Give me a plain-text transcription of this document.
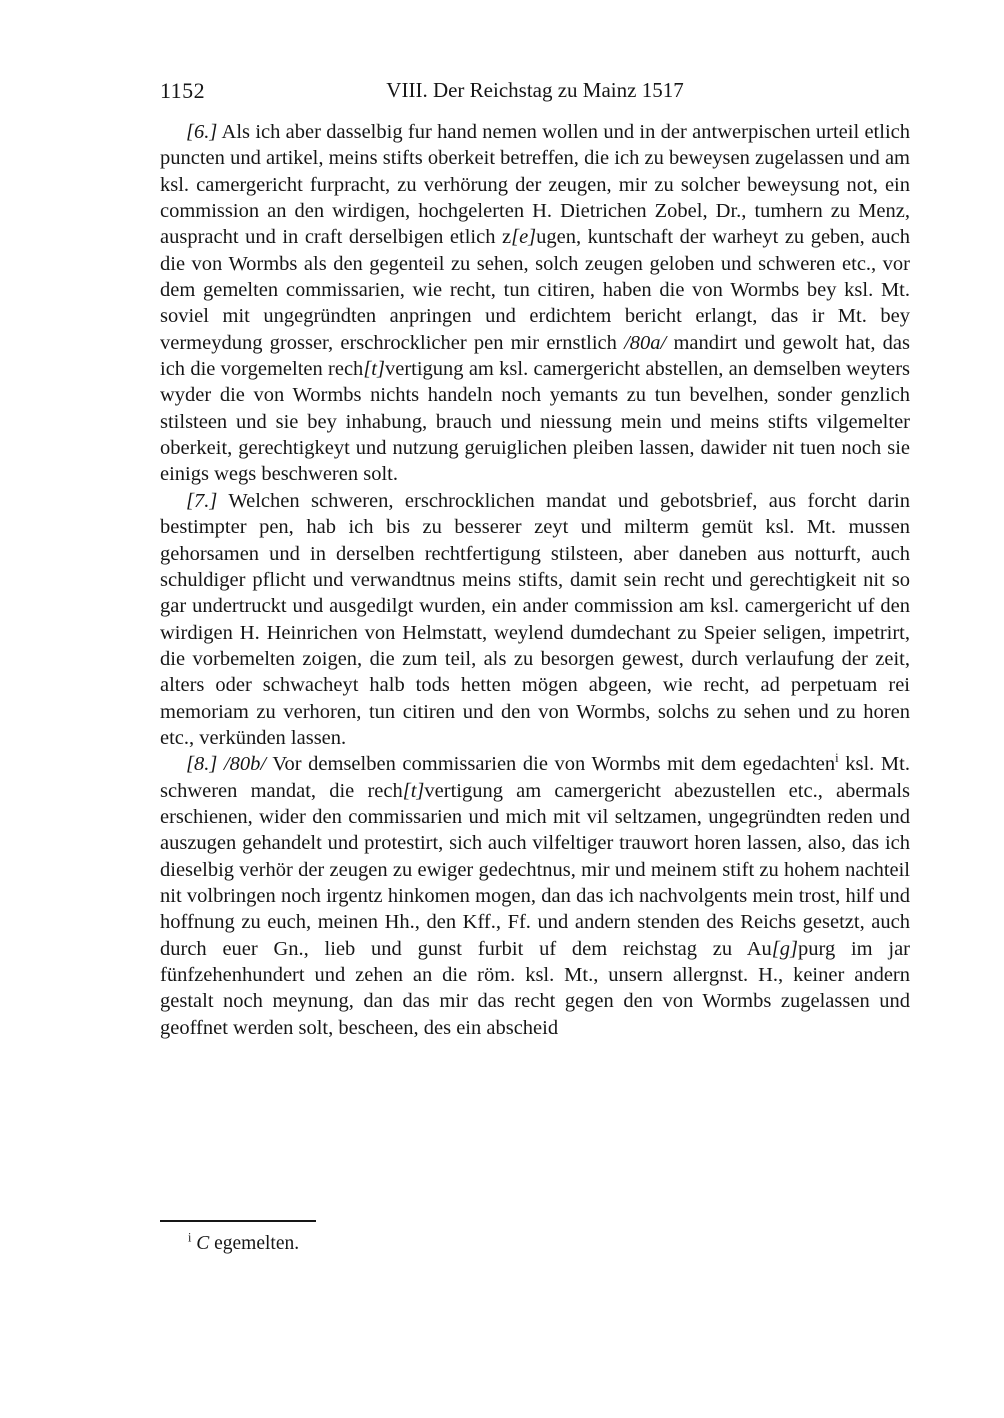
1152	VIII. Der Reichstag zu Mainz 1517

[6.] Als ich aber dasselbig fur hand nemen wollen und in der antwerpischen urteil etlich puncten und artikel, meins stifts oberkeit betreffen, die ich zu beweysen zugelassen und am ksl. camergericht furpracht, zu verhörung der zeugen, mir zu solcher beweysung not, ein commission an den wirdigen, hochgelerten H. Dietrichen Zobel, Dr., tumhern zu Menz, auspracht und in craft derselbigen etlich z[e]ugen, kuntschaft der warheyt zu geben, auch die von Wormbs als den gegenteil zu sehen, solch zeugen geloben und schweren etc., vor dem gemelten commissarien, wie recht, tun citiren, haben die von Wormbs bey ksl. Mt. soviel mit ungegründten anpringen und erdichtem bericht erlangt, das ir Mt. bey vermeydung grosser, erschrocklicher pen mir ernstlich /80a/ mandirt und gewolt hat, das ich die vorgemelten rech[t]vertigung am ksl. camergericht abstellen, an demselben weyters wyder die von Wormbs nichts handeln noch yemants zu tun bevelhen, sonder genzlich stilsteen und sie bey inhabung, brauch und niessung mein und meins stifts vilgemelter oberkeit, gerechtigkeyt und nutzung geruiglichen pleiben lassen, dawider nit tuen noch sie einigs wegs beschweren solt.

[7.] Welchen schweren, erschrocklichen mandat und gebotsbrief, aus forcht darin bestimpter pen, hab ich bis zu besserer zeyt und milterm gemüt ksl. Mt. mussen gehorsamen und in derselben rechtfertigung stilsteen, aber daneben aus notturft, auch schuldiger pflicht und verwandtnus meins stifts, damit sein recht und gerechtigkeit nit so gar undertruckt und ausgedilgt wurden, ein ander commission am ksl. camergericht uf den wirdigen H. Heinrichen von Helmstatt, weylend dumdechant zu Speier seligen, impetrirt, die vorbemelten zoigen, die zum teil, als zu besorgen gewest, durch verlaufung der zeit, alters oder schwacheyt halb tods hetten mögen abgeen, wie recht, ad perpetuam rei memoriam zu verhoren, tun citiren und den von Wormbs, solchs zu sehen und zu horen etc., verkünden lassen.

[8.] /80b/ Vor demselben commissarien die von Wormbs mit dem egedachten$^i$ ksl. Mt. schweren mandat, die rech[t]vertigung am camergericht abezustellen etc., abermals erschienen, wider den commissarien und mich mit vil seltzamen, ungegründten reden und auszugen gehandelt und protestirt, sich auch vilfeltiger trauwort horen lassen, also, das ich dieselbig verhör der zeugen zu ewiger gedechtnus, mir und meinem stift zu hohem nachteil nit volbringen noch irgentz hinkomen mogen, dan das ich nachvolgents mein trost, hilf und hoffnung zu euch, meinen Hh., den Kff., Ff. und andern stenden des Reichs gesetzt, auch durch euer Gn., lieb und gunst furbit uf dem reichstag zu Au[g]purg im jar fünfzehenhundert und zehen an die röm. ksl. Mt., unsern allergnst. H., keiner andern gestalt noch meynung, dan das mir das recht gegen den von Wormbs zugelassen und geoffnet werden solt, bescheen, des ein abscheid

$^i$ C egemelten.
